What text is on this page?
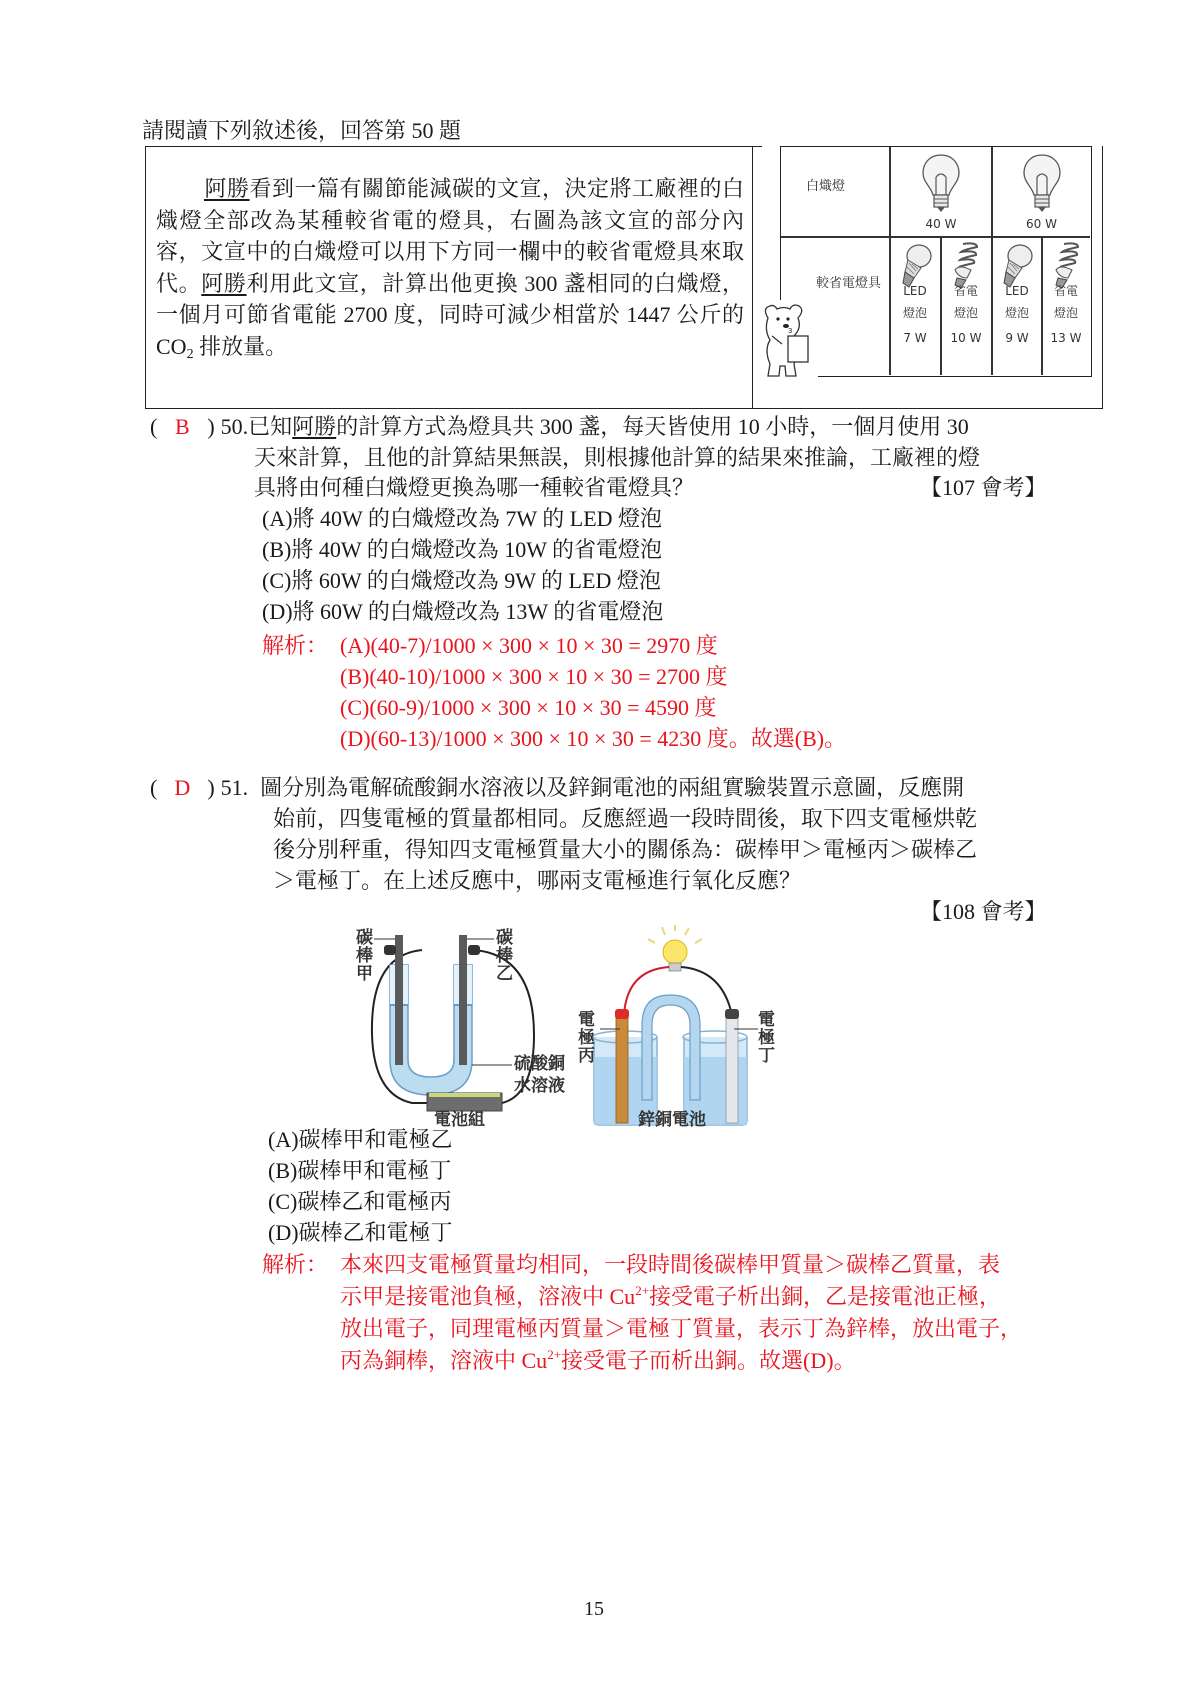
請閱讀下列敘述後，回答第 50 題
阿勝看到一篇有關節能減碳的文宣，決定將工廠裡的白熾燈全部改為某種較省電的燈具，右圖為該文宣的部分內容，文宣中的白熾燈可以用下方同一欄中的較省電燈具來取代。阿勝利用此文宣，計算出他更換 300 盞相同的白熾燈，一個月可節省電能 2700 度，同時可減少相當於 1447 公斤的 $CO_2$ 排放量。
白熾燈
較省電燈具
40 W	60 W
LED
燈泡
7 W
省電
燈泡
10 W
LED
燈泡
9 W
省電
燈泡
13 W
3
( B ) 50.已知阿勝的計算方式為燈具共 300 盞，每天皆使用 10 小時，一個月使用 30
天來計算，且他的計算結果無誤，則根據他計算的結果來推論，工廠裡的燈
具將由何種白熾燈更換為哪一種較省電燈具？	【107 會考】
(A)將 40W 的白熾燈改為 7W 的 LED 燈泡
(B)將 40W 的白熾燈改為 10W 的省電燈泡
(C)將 60W 的白熾燈改為 9W 的 LED 燈泡
(D)將 60W 的白熾燈改為 13W 的省電燈泡
解析： (A)(40-7)/1000 × 300 × 10 × 30 = 2970 度
(B)(40-10)/1000 × 300 × 10 × 30 = 2700 度
(C)(60-9)/1000 × 300 × 10 × 30 = 4590 度
(D)(60-13)/1000 × 300 × 10 × 30 = 4230 度。故選(B)。
( D ) 51. 圖分別為電解硫酸銅水溶液以及鋅銅電池的兩組實驗裝置示意圖，反應開
始前，四隻電極的質量都相同。反應經過一段時間後，取下四支電極烘乾
後分別秤重，得知四支電極質量大小的關係為：碳棒甲＞電極丙＞碳棒乙
＞電極丁。在上述反應中，哪兩支電極進行氧化反應？
【108 會考】
碳
棒
甲
碳
棒
乙
硫酸銅
水溶液
電池組
電
極
丙
電
極
丁
鋅銅電池
(A)碳棒甲和電極乙
(B)碳棒甲和電極丁
(C)碳棒乙和電極丙
(D)碳棒乙和電極丁
解析： 本來四支電極質量均相同，一段時間後碳棒甲質量＞碳棒乙質量，表
示甲是接電池負極，溶液中 $Cu^{2+}$接受電子析出銅，乙是接電池正極，
放出電子，同理電極丙質量＞電極丁質量，表示丁為鋅棒，放出電子，
丙為銅棒，溶液中 $Cu^{2+}$接受電子而析出銅。故選(D)。
15
